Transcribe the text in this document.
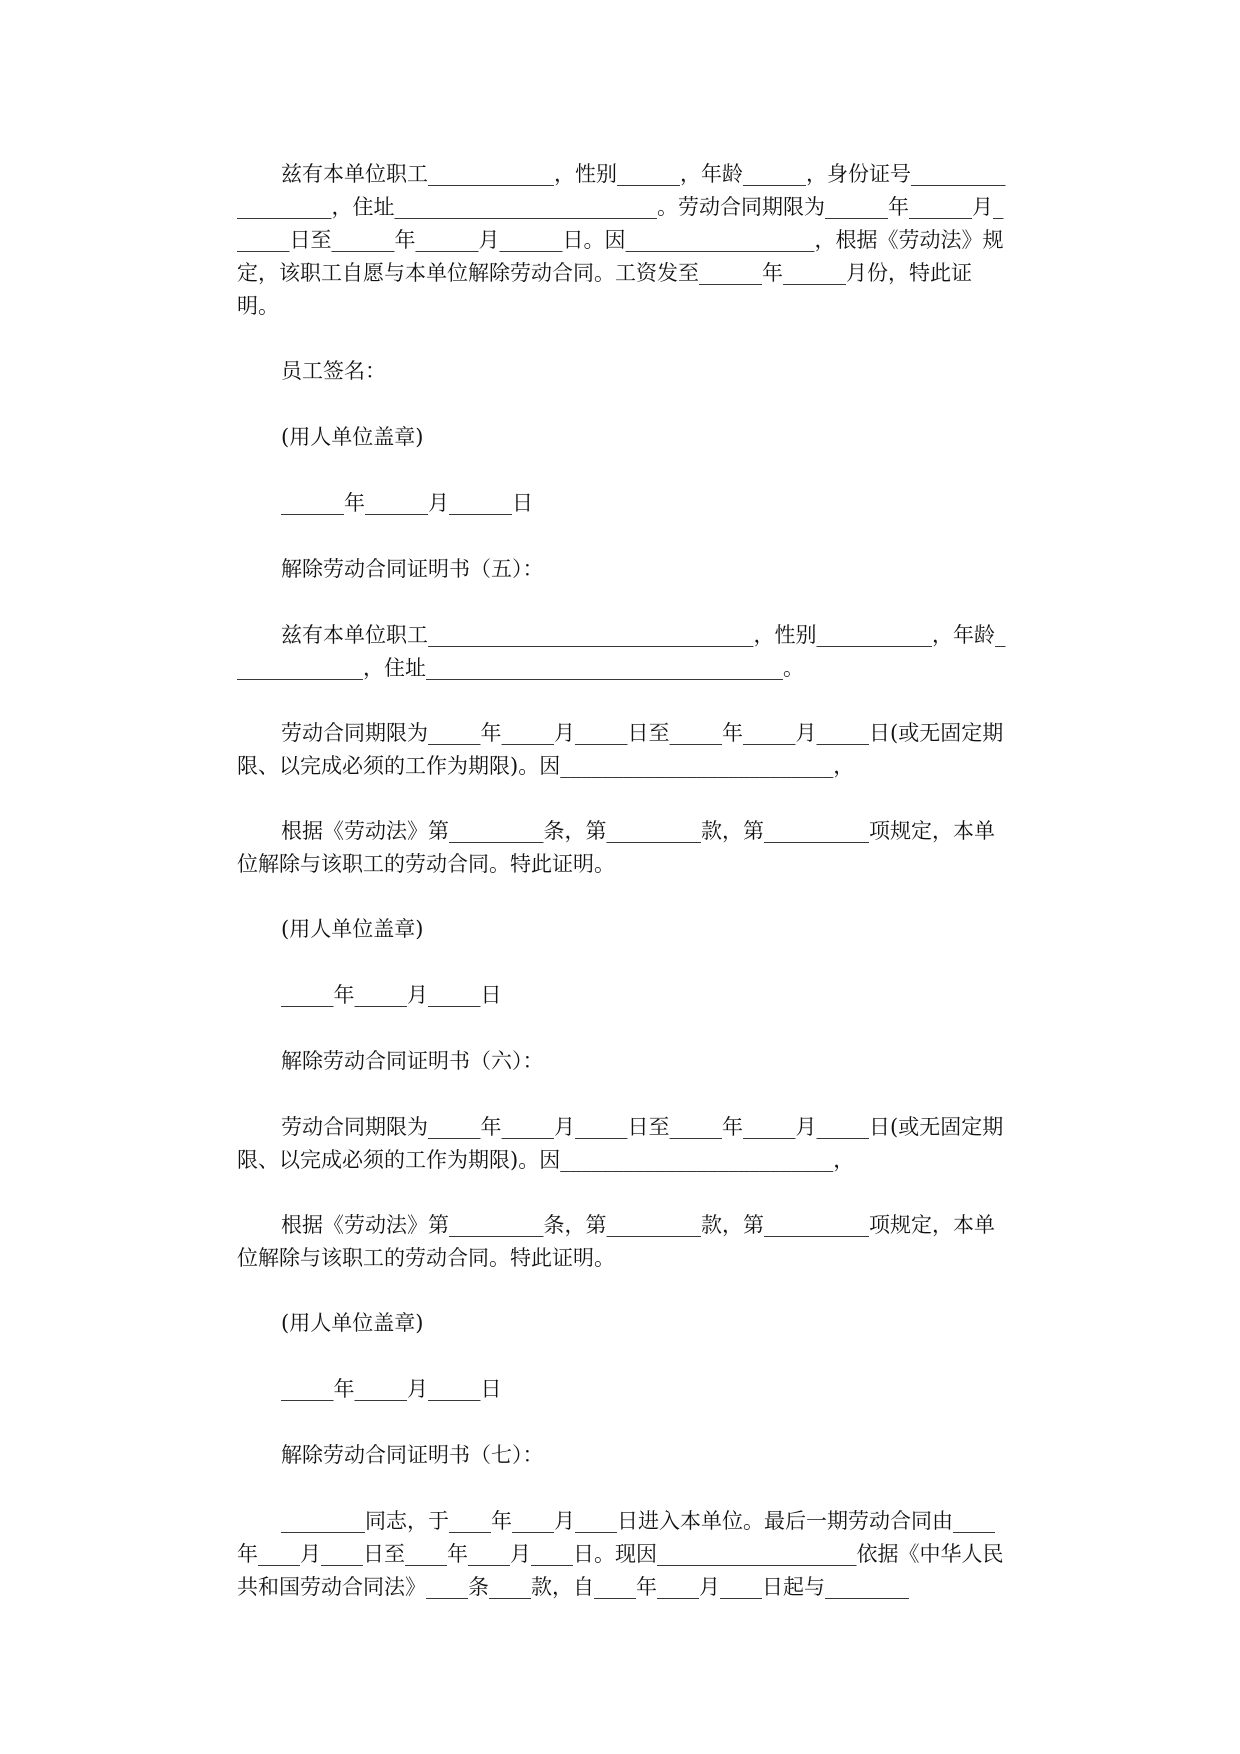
兹有本单位职工____________，性别______，年龄______，身份证号__________________，住址_________________________。劳动合同期限为______年______月______日至______年______月______日。因__________________，根据《劳动法》规定，该职工自愿与本单位解除劳动合同。工资发至______年______月份，特此证明。

员工签名：

(用人单位盖章)

______年______月______日

解除劳动合同证明书（五）：

兹有本单位职工_______________________________，性别___________，年龄_____________，住址__________________________________。

劳动合同期限为_____年_____月_____日至_____年_____月_____日(或无固定期限、以完成必须的工作为期限)。因__________________________，

根据《劳动法》第_________条，第_________款，第__________项规定，本单位解除与该职工的劳动合同。特此证明。

(用人单位盖章)

_____年_____月_____日

解除劳动合同证明书（六）：

劳动合同期限为_____年_____月_____日至_____年_____月_____日(或无固定期限、以完成必须的工作为期限)。因__________________________，

根据《劳动法》第_________条，第_________款，第__________项规定，本单位解除与该职工的劳动合同。特此证明。

(用人单位盖章)

_____年_____月_____日

解除劳动合同证明书（七）：

________同志，于____年____月____日进入本单位。最后一期劳动合同由____年____月____日至____年____月____日。现因___________________依据《中华人民共和国劳动合同法》____条____款，自____年____月____日起与________
